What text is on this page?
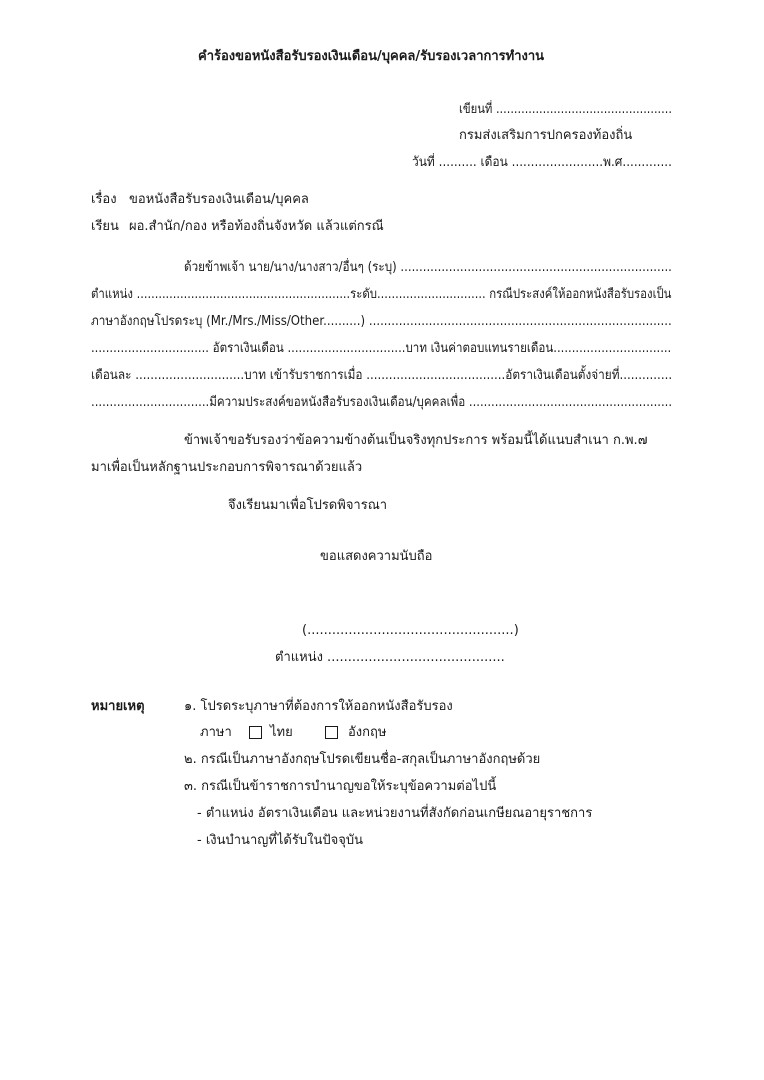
คำร้องขอหนังสือรับรองเงินเดือน/บุคคล/รับรองเวลาการทำงาน
เขียนที่ .................................................
กรมส่งเสริมการปกครองท้องถิ่น
วันที่ .......... เดือน ........................พ.ศ.............
เรื่อง ขอหนังสือรับรองเงินเดือน/บุคคล
เรียน ผอ.สำนัก/กอง หรือท้องถิ่นจังหวัด แล้วแต่กรณี
ด้วยข้าพเจ้า นาย/นาง/นางสาว/อื่นๆ (ระบุ) .........................................................................
ตำแหน่ง ...........................................................ระดับ.............................. กรณีประสงค์ให้ออกหนังสือรับรองเป็น
ภาษาอังกฤษโปรดระบุ (Mr./Mrs./Miss/Other..........) .................................................................................
................................ อัตราเงินเดือน ................................บาท เงินค่าตอบแทนรายเดือน................................
เดือนละ .............................บาท เข้ารับราชการเมื่อ .....................................อัตราเงินเดือนตั้งจ่ายที่..............
................................มีความประสงค์ขอหนังสือรับรองเงินเดือน/บุคคลเพื่อ .......................................................
ข้าพเจ้าขอรับรองว่าข้อความข้างต้นเป็นจริงทุกประการ พร้อมนี้ได้แนบสำเนา ก.พ.๗
มาเพื่อเป็นหลักฐานประกอบการพิจารณาด้วยแล้ว
จึงเรียนมาเพื่อโปรดพิจารณา
ขอแสดงความนับถือ
(..................................................)
ตำแหน่ง ...........................................
หมายเหตุ	๑. โปรดระบุภาษาที่ต้องการให้ออกหนังสือรับรอง
ภาษา	ไทย	อังกฤษ
๒. กรณีเป็นภาษาอังกฤษโปรดเขียนชื่อ-สกุลเป็นภาษาอังกฤษด้วย
๓. กรณีเป็นข้าราชการบำนาญขอให้ระบุข้อความต่อไปนี้
- ตำแหน่ง อัตราเงินเดือน และหน่วยงานที่สังกัดก่อนเกษียณอายุราชการ
- เงินบำนาญที่ได้รับในปัจจุบัน
